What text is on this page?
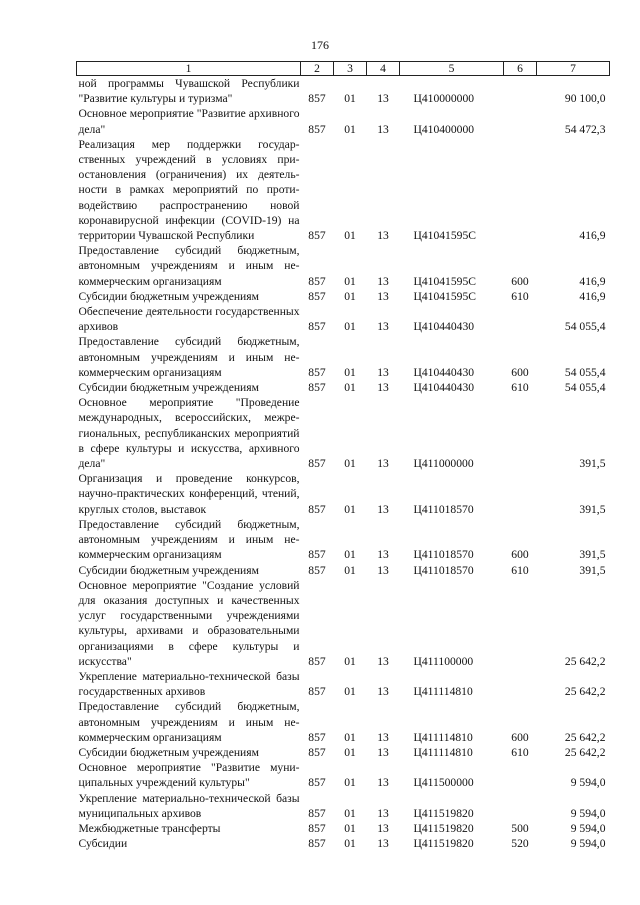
176
1	2	3	4	5	6	7
ной программы Чувашской Республики "Развитие культуры и туризма"	857	01	13	Ц410000000		90 100,0
Основное мероприятие "Развитие архивного дела"	857	01	13	Ц410400000		54 472,3
Реализация мер поддержки государственных учреждений в условиях приостановления (ограничения) их деятельности в рамках мероприятий по противодействию распространению новой коронавирусной инфекции (COVID-19) на территории Чувашской Республики	857	01	13	Ц41041595С		416,9
Предоставление субсидий бюджетным, автономным учреждениям и иным некоммерческим организациям	857	01	13	Ц41041595С	600	416,9
Субсидии бюджетным учреждениям	857	01	13	Ц41041595С	610	416,9
Обеспечение деятельности государственных архивов	857	01	13	Ц410440430		54 055,4
Предоставление субсидий бюджетным, автономным учреждениям и иным некоммерческим организациям	857	01	13	Ц410440430	600	54 055,4
Субсидии бюджетным учреждениям	857	01	13	Ц410440430	610	54 055,4
Основное мероприятие "Проведение международных, всероссийских, межрегиональных, республиканских мероприятий в сфере культуры и искусства, архивного дела"	857	01	13	Ц411000000		391,5
Организация и проведение конкурсов, научно-практических конференций, чтений, круглых столов, выставок	857	01	13	Ц411018570		391,5
Предоставление субсидий бюджетным, автономным учреждениям и иным некоммерческим организациям	857	01	13	Ц411018570	600	391,5
Субсидии бюджетным учреждениям	857	01	13	Ц411018570	610	391,5
Основное мероприятие "Создание условий для оказания доступных и качественных услуг государственными учреждениями культуры, архивами и образовательными организациями в сфере культуры и искусства"	857	01	13	Ц411100000		25 642,2
Укрепление материально-технической базы государственных архивов	857	01	13	Ц411114810		25 642,2
Предоставление субсидий бюджетным, автономным учреждениям и иным некоммерческим организациям	857	01	13	Ц411114810	600	25 642,2
Субсидии бюджетным учреждениям	857	01	13	Ц411114810	610	25 642,2
Основное мероприятие "Развитие муниципальных учреждений культуры"	857	01	13	Ц411500000		9 594,0
Укрепление материально-технической базы муниципальных архивов	857	01	13	Ц411519820		9 594,0
Межбюджетные трансферты	857	01	13	Ц411519820	500	9 594,0
Субсидии	857	01	13	Ц411519820	520	9 594,0
